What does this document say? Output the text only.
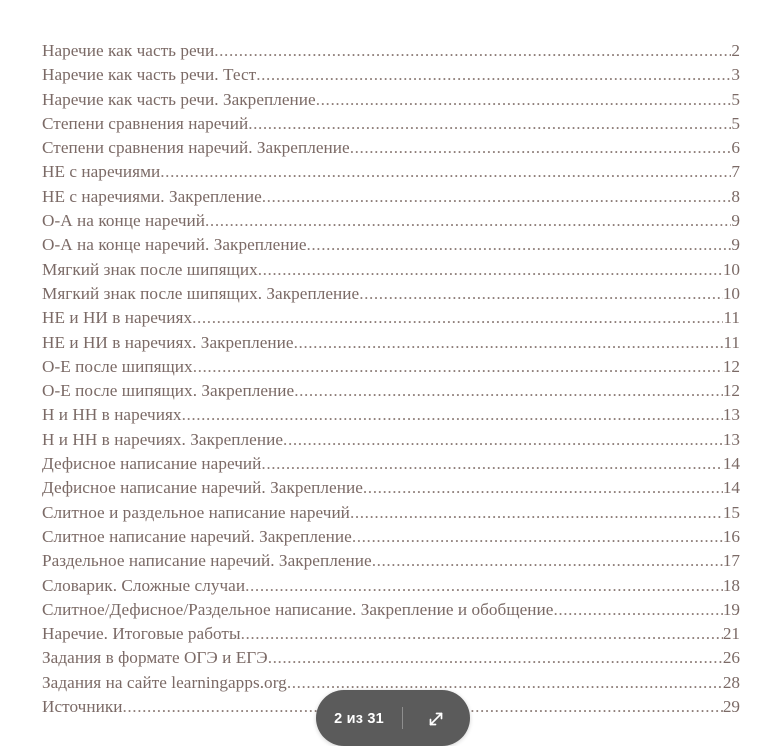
Наречие как часть речи .....	2
Наречие как часть речи. Тест .....	3
Наречие как часть речи. Закрепление .....	5
Степени сравнения наречий .....	5
Степени сравнения наречий. Закрепление .....	6
НЕ с наречиями .....	7
НЕ с наречиями. Закрепление .....	8
О-А на конце наречий .....	9
О-А на конце наречий. Закрепление .....	9
Мягкий знак после шипящих .....	10
Мягкий знак после шипящих. Закрепление .....	10
НЕ и НИ в наречиях .....	11
НЕ и НИ в наречиях. Закрепление .....	11
О-Е после шипящих .....	12
О-Е после шипящих. Закрепление .....	12
Н и НН в наречиях .....	13
Н и НН в наречиях. Закрепление .....	13
Дефисное написание наречий .....	14
Дефисное написание наречий. Закрепление .....	14
Слитное и раздельное написание наречий .....	15
Слитное написание наречий. Закрепление .....	16
Раздельное написание наречий. Закрепление .....	17
Словарик. Сложные случаи .....	18
Слитное/Дефисное/Раздельное написание. Закрепление и обобщение .....	19
Наречие. Итоговые работы .....	21
Задания в формате ОГЭ и ЕГЭ .....	26
Задания на сайте learningapps.org .....	28
Источники .....	29
2 из 31
